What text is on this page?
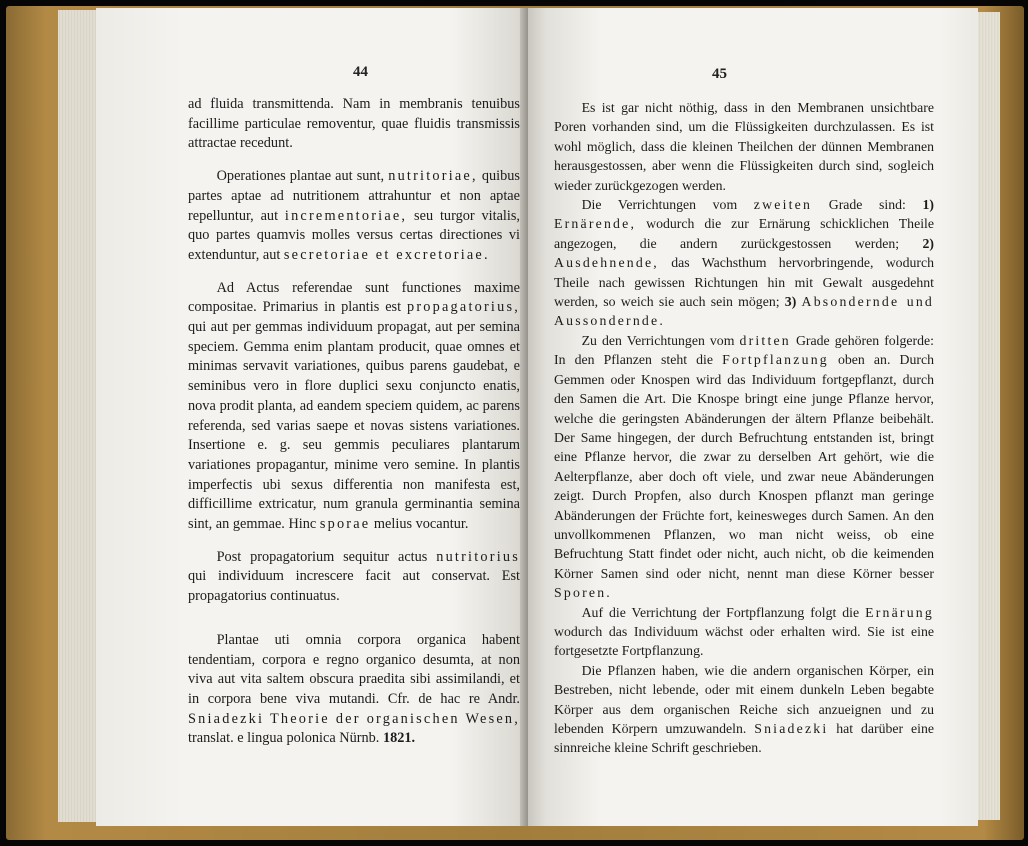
44

ad fluida transmittenda. Nam in membranis tenuibus facillime particulae removentur, quae fluidis transmissis attractae recedunt.

Operationes plantae aut sunt, nutritoriae, quibus partes aptae ad nutritionem attrahuntur et non aptae repelluntur, aut incrementoriae, seu turgor vitalis, quo partes quamvis molles versus certas directiones vi extenduntur, aut secretoriae et excretoriae.

Ad Actus referendae sunt functiones maxime compositae. Primarius in plantis est propagatorius, qui aut per gemmas individuum propagat, aut per semina speciem. Gemma enim plantam producit, quae omnes et minimas servavit variationes, quibus parens gaudebat, e seminibus vero in flore duplici sexu conjuncto enatis, nova prodit planta, ad eandem speciem quidem, ac parens referenda, sed varias saepe et novas sistens variationes. Insertione e. g. seu gemmis peculiares plantarum variationes propagantur, minime vero semine. In plantis imperfectis ubi sexus differentia non manifesta est, difficillime extricatur, num granula germinantia semina sint, an gemmae. Hinc sporae melius vocantur.

Post propagatorium sequitur actus nutritorius qui individuum increscere facit aut conservat. Est propagatorius continuatus.

Plantae uti omnia corpora organica habent tendentiam, corpora e regno organico desumta, at non viva aut vita saltem obscura praedita sibi assimilandi, et in corpora bene viva mutandi. Cfr. de hac re Andr. Sniadezki Theorie der organischen Wesen, translat. e lingua polonica Nürnb. 1821.

45

Es ist gar nicht nöthig, dass in den Membranen unsichtbare Poren vorhanden sind, um die Flüssigkeiten durchzulassen. Es ist wohl möglich, dass die kleinen Theilchen der dünnen Membranen herausgestossen, aber wenn die Flüssigkeiten durch sind, sogleich wieder zurückgezogen werden.

Die Verrichtungen vom zweiten Grade sind: 1) Ernärende, wodurch die zur Ernärung schicklichen Theile angezogen, die andern zurückgestossen werden; 2) Ausdehnende, das Wachsthum hervorbringende, wodurch Theile nach gewissen Richtungen hin mit Gewalt ausgedehnt werden, so weich sie auch sein mögen; 3) Absondernde und Aussondernde.

Zu den Verrichtungen vom dritten Grade gehören folgerde: In den Pflanzen steht die Fortpflanzung oben an. Durch Gemmen oder Knospen wird das Individuum fortgepflanzt, durch den Samen die Art. Die Knospe bringt eine junge Pflanze hervor, welche die geringsten Abänderungen der ältern Pflanze beibehält. Der Same hingegen, der durch Befruchtung entstanden ist, bringt eine Pflanze hervor, die zwar zu derselben Art gehört, wie die Aelterpflanze, aber doch oft viele, und zwar neue Abänderungen zeigt. Durch Propfen, also durch Knospen pflanzt man geringe Abänderungen der Früchte fort, keinesweges durch Samen. An den unvollkommenen Pflanzen, wo man nicht weiss, ob eine Befruchtung Statt findet oder nicht, auch nicht, ob die keimenden Körner Samen sind oder nicht, nennt man diese Körner besser Sporen.

Auf die Verrichtung der Fortpflanzung folgt die Ernärung wodurch das Individuum wächst oder erhalten wird. Sie ist eine fortgesetzte Fortpflanzung.

Die Pflanzen haben, wie die andern organischen Körper, ein Bestreben, nicht lebende, oder mit einem dunkeln Leben begabte Körper aus dem organischen Reiche sich anzueignen und zu lebenden Körpern umzuwandeln. Sniadezki hat darüber eine sinnreiche kleine Schrift geschrieben.
